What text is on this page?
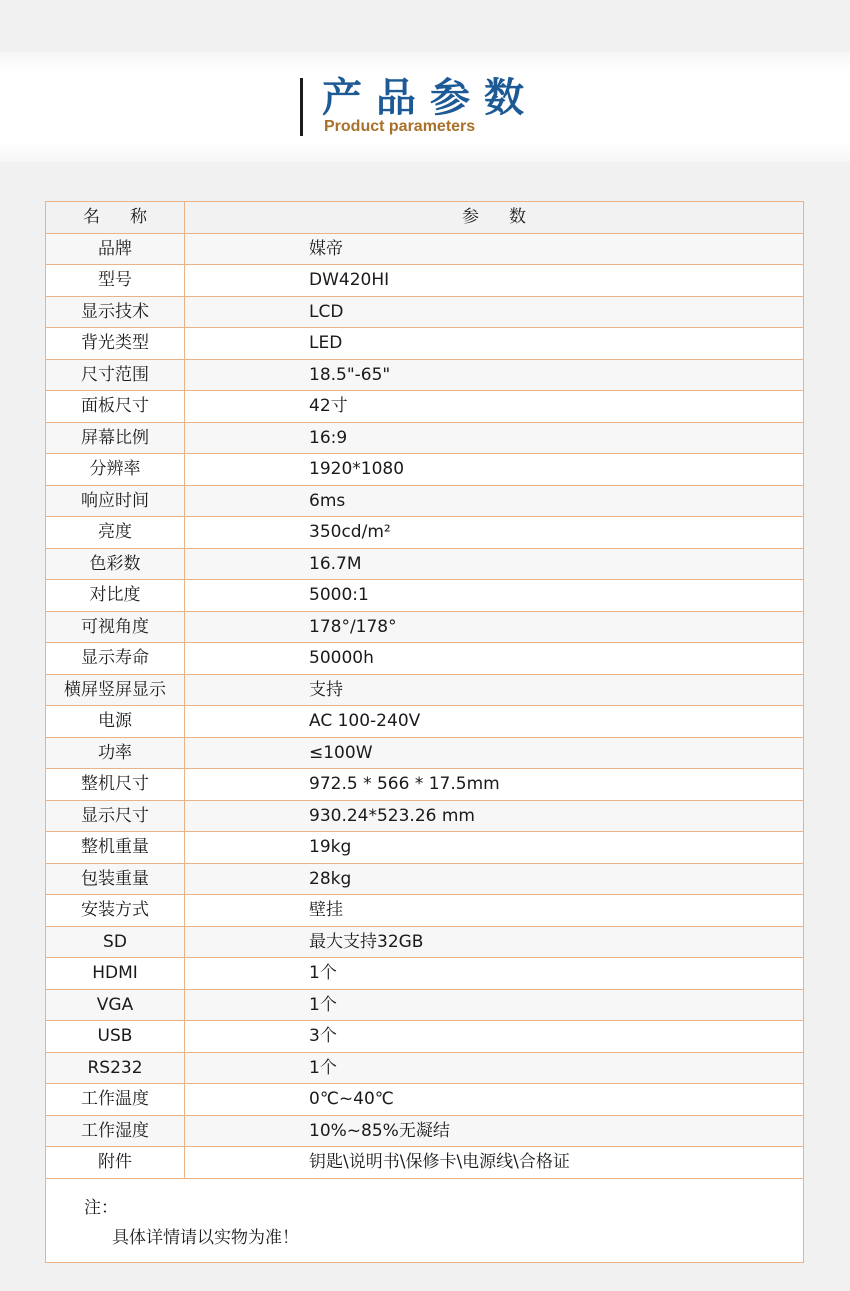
产品参数
Product parameters
名称	参数
品牌	媒帝
型号	DW420HI
显示技术	LCD
背光类型	LED
尺寸范围	18.5"-65"
面板尺寸	42寸
屏幕比例	16:9
分辨率	1920*1080
响应时间	6ms
亮度	350cd/m²
色彩数	16.7M
对比度	5000:1
可视角度	178°/178°
显示寿命	50000h
横屏竖屏显示	支持
电源	AC 100-240V
功率	≤100W
整机尺寸	972.5 * 566 * 17.5mm
显示尺寸	930.24*523.26 mm
整机重量	19kg
包装重量	28kg
安装方式	壁挂
SD	最大支持32GB
HDMI	1个
VGA	1个
USB	3个
RS232	1个
工作温度	0℃~40℃
工作湿度	10%~85%无凝结
附件	钥匙\说明书\保修卡\电源线\合格证
注：
具体详情请以实物为准！
